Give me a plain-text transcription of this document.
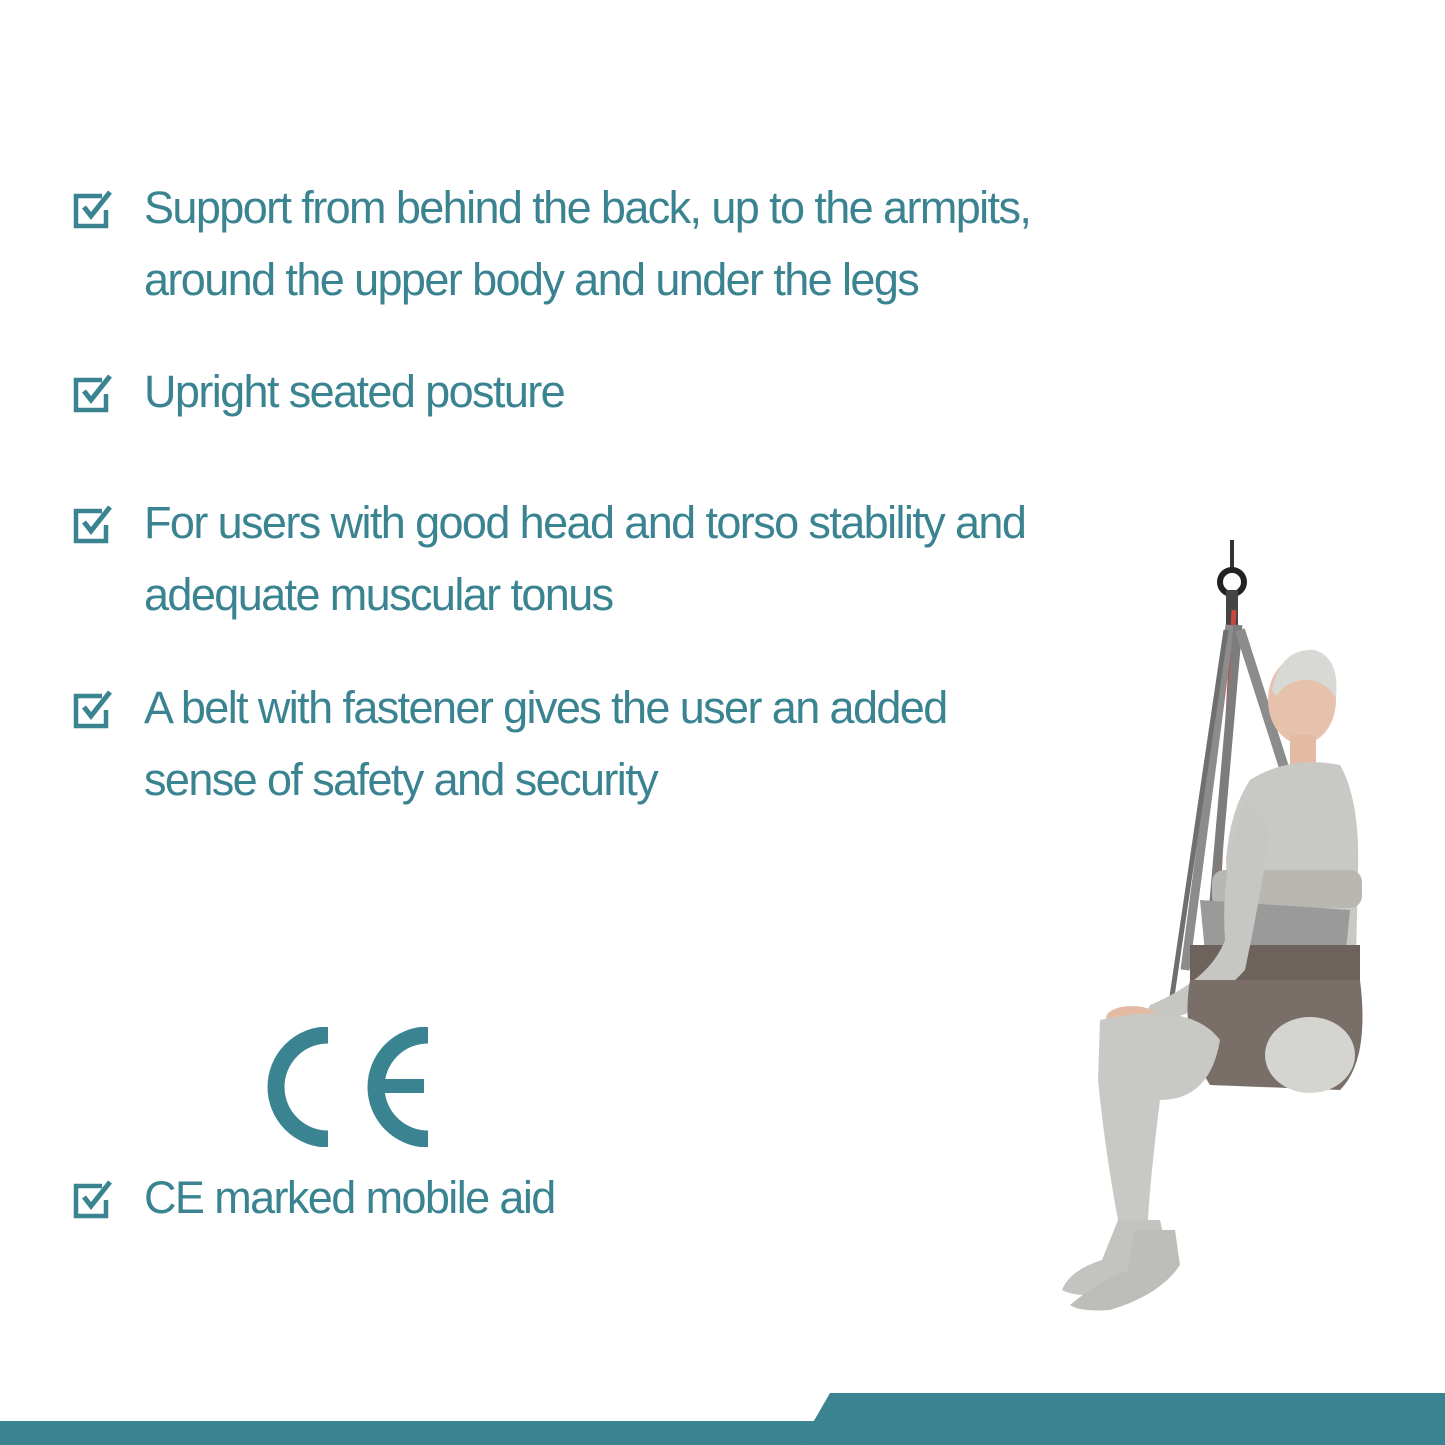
Support from behind the back, up to the armpits,
around the upper body and under the legs
Upright seated posture
For users with good head and torso stability and
adequate muscular tonus
A belt with fastener gives the user an added
sense of safety and security
CE marked mobile aid
